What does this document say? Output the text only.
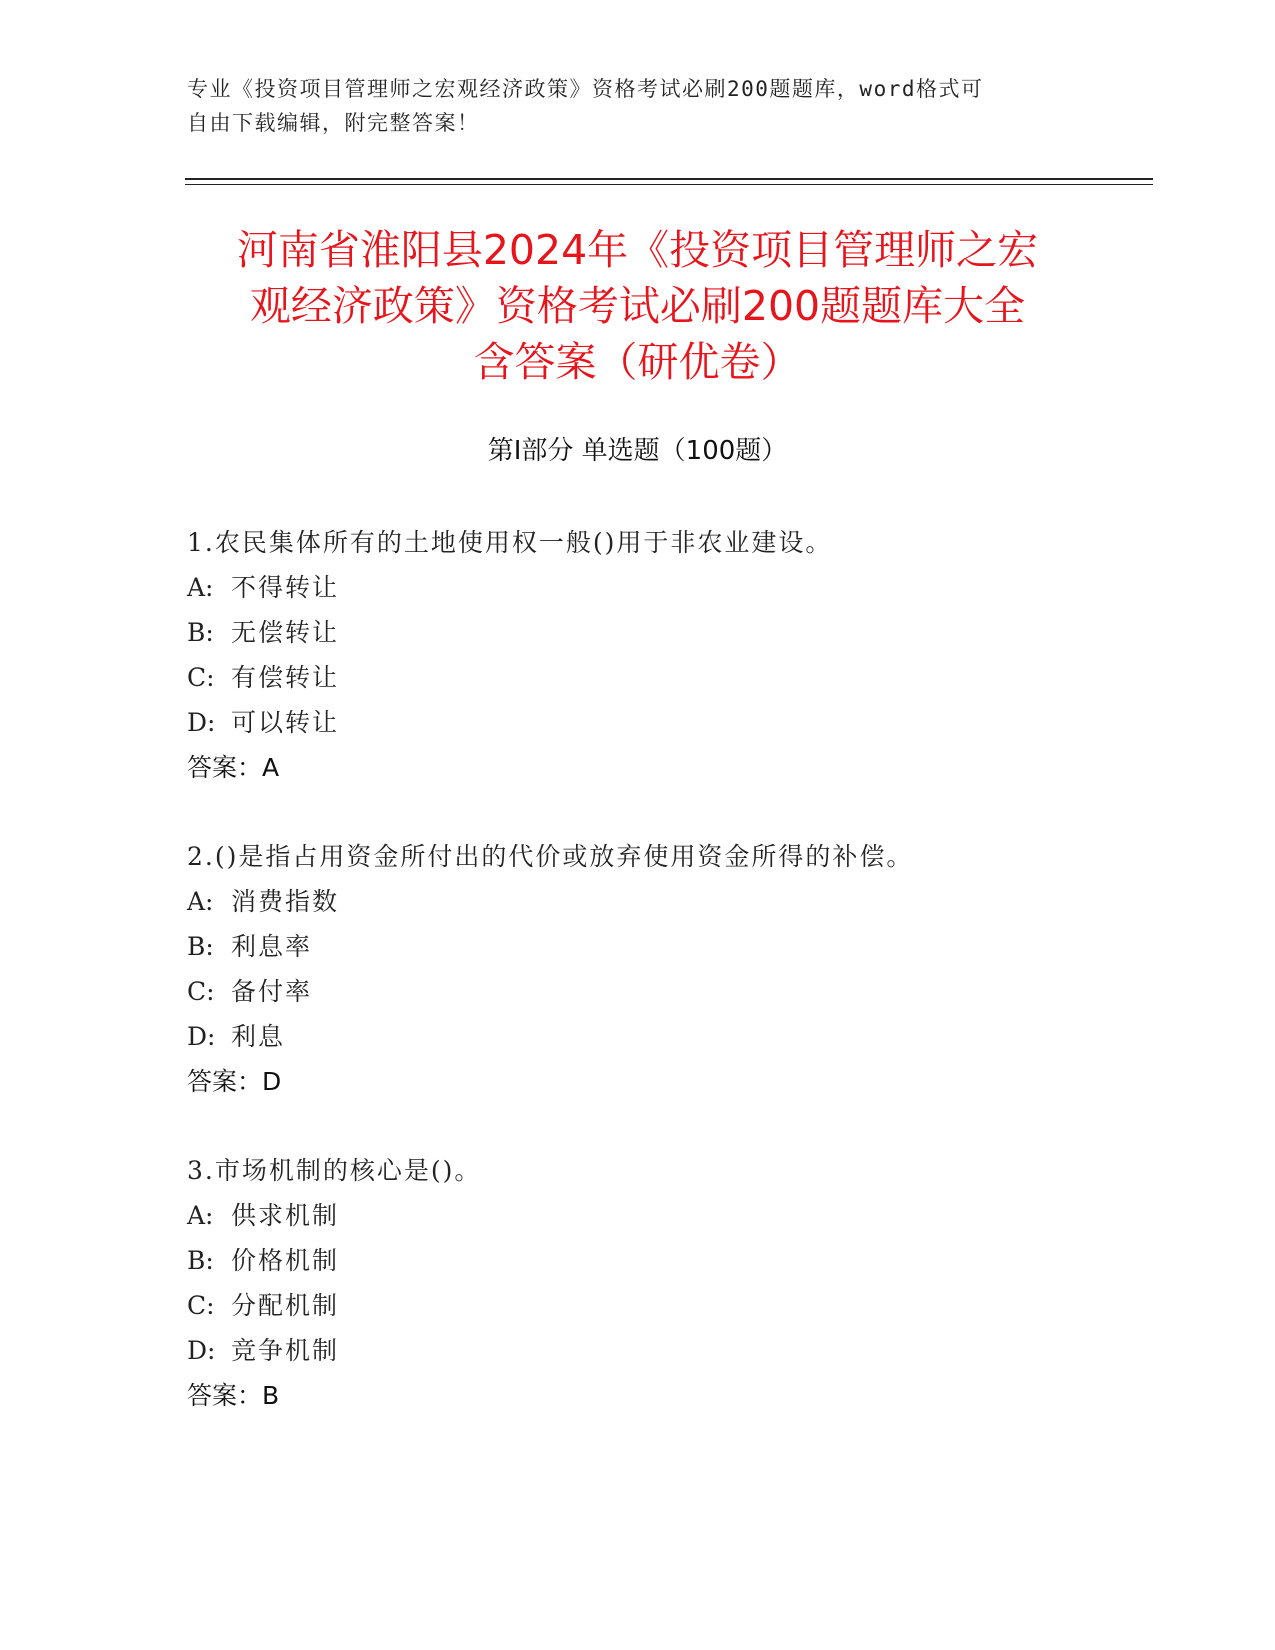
专业《投资项目管理师之宏观经济政策》资格考试必刷200题题库，word格式可
自由下载编辑，附完整答案！
河南省淮阳县2024年《投资项目管理师之宏
观经济政策》资格考试必刷200题题库大全
含答案（研优卷）
第Ⅰ部分 单选题（100题）
1.农民集体所有的土地使用权一般()用于非农业建设。
A: 不得转让
B: 无偿转让
C: 有偿转让
D: 可以转让
答案：A
2.()是指占用资金所付出的代价或放弃使用资金所得的补偿。
A: 消费指数
B: 利息率
C: 备付率
D: 利息
答案：D
3.市场机制的核心是()。
A: 供求机制
B: 价格机制
C: 分配机制
D: 竞争机制
答案：B
